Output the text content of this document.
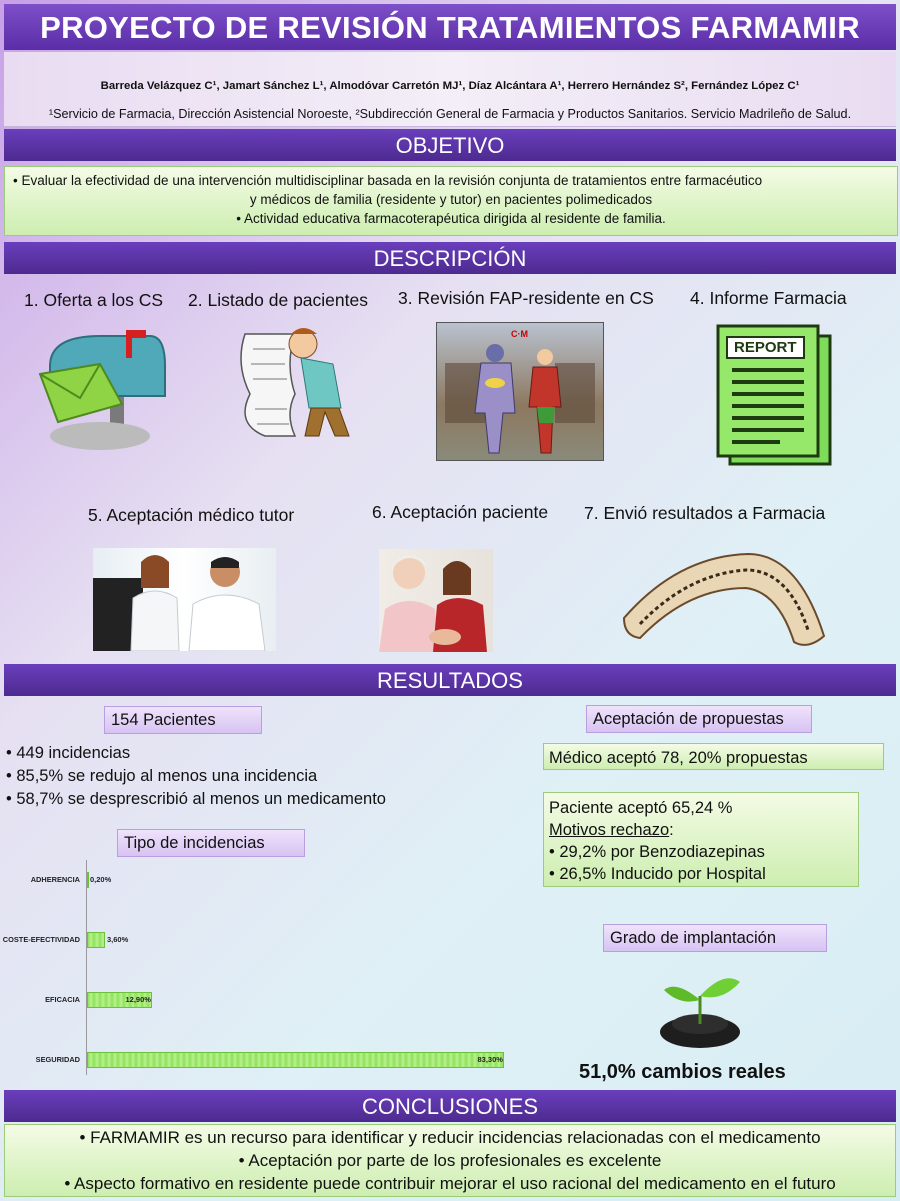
PROYECTO DE REVISIÓN TRATAMIENTOS FARMAMIR
Barreda Velázquez C¹, Jamart Sánchez L¹, Almodóvar Carretón MJ¹, Díaz Alcántara A¹, Herrero Hernández S², Fernández López C¹
¹Servicio de Farmacia, Dirección Asistencial Noroeste, ²Subdirección General de Farmacia y Productos Sanitarios. Servicio Madrileño de Salud.
OBJETIVO
• Evaluar la efectividad de una intervención multidisciplinar basada en la revisión conjunta de tratamientos entre farmacéutico
y médicos de familia (residente y tutor) en pacientes polimedicados
• Actividad educativa farmacoterapéutica dirigida al residente de familia.
DESCRIPCIÓN
1. Oferta a los CS 2. Listado de pacientes 3. Revisión FAP-residente en CS 4. Informe Farmacia
C·M
REPORT
5. Aceptación médico tutor	6. Aceptación paciente 7. Envió resultados a Farmacia
RESULTADOS
154 Pacientes
• 449 incidencias
• 85,5% se redujo al menos una incidencia
• 58,7% se desprescribió al menos un medicamento
Tipo de incidencias
ADHERENCIA 0,20%
COSTE-EFECTIVIDAD	3,60%
EFICACIA	12,90%
SEGURIDAD	83,30%
Aceptación de propuestas
Médico aceptó 78, 20% propuestas
Paciente aceptó 65,24 %
Motivos rechazo:
• 29,2% por Benzodiazepinas
• 26,5% Inducido por Hospital
Grado de implantación
51,0% cambios reales
CONCLUSIONES
• FARMAMIR es un recurso para identificar y reducir incidencias relacionadas con el medicamento
• Aceptación por parte de los profesionales es excelente
• Aspecto formativo en residente puede contribuir mejorar el uso racional del medicamento en el futuro
